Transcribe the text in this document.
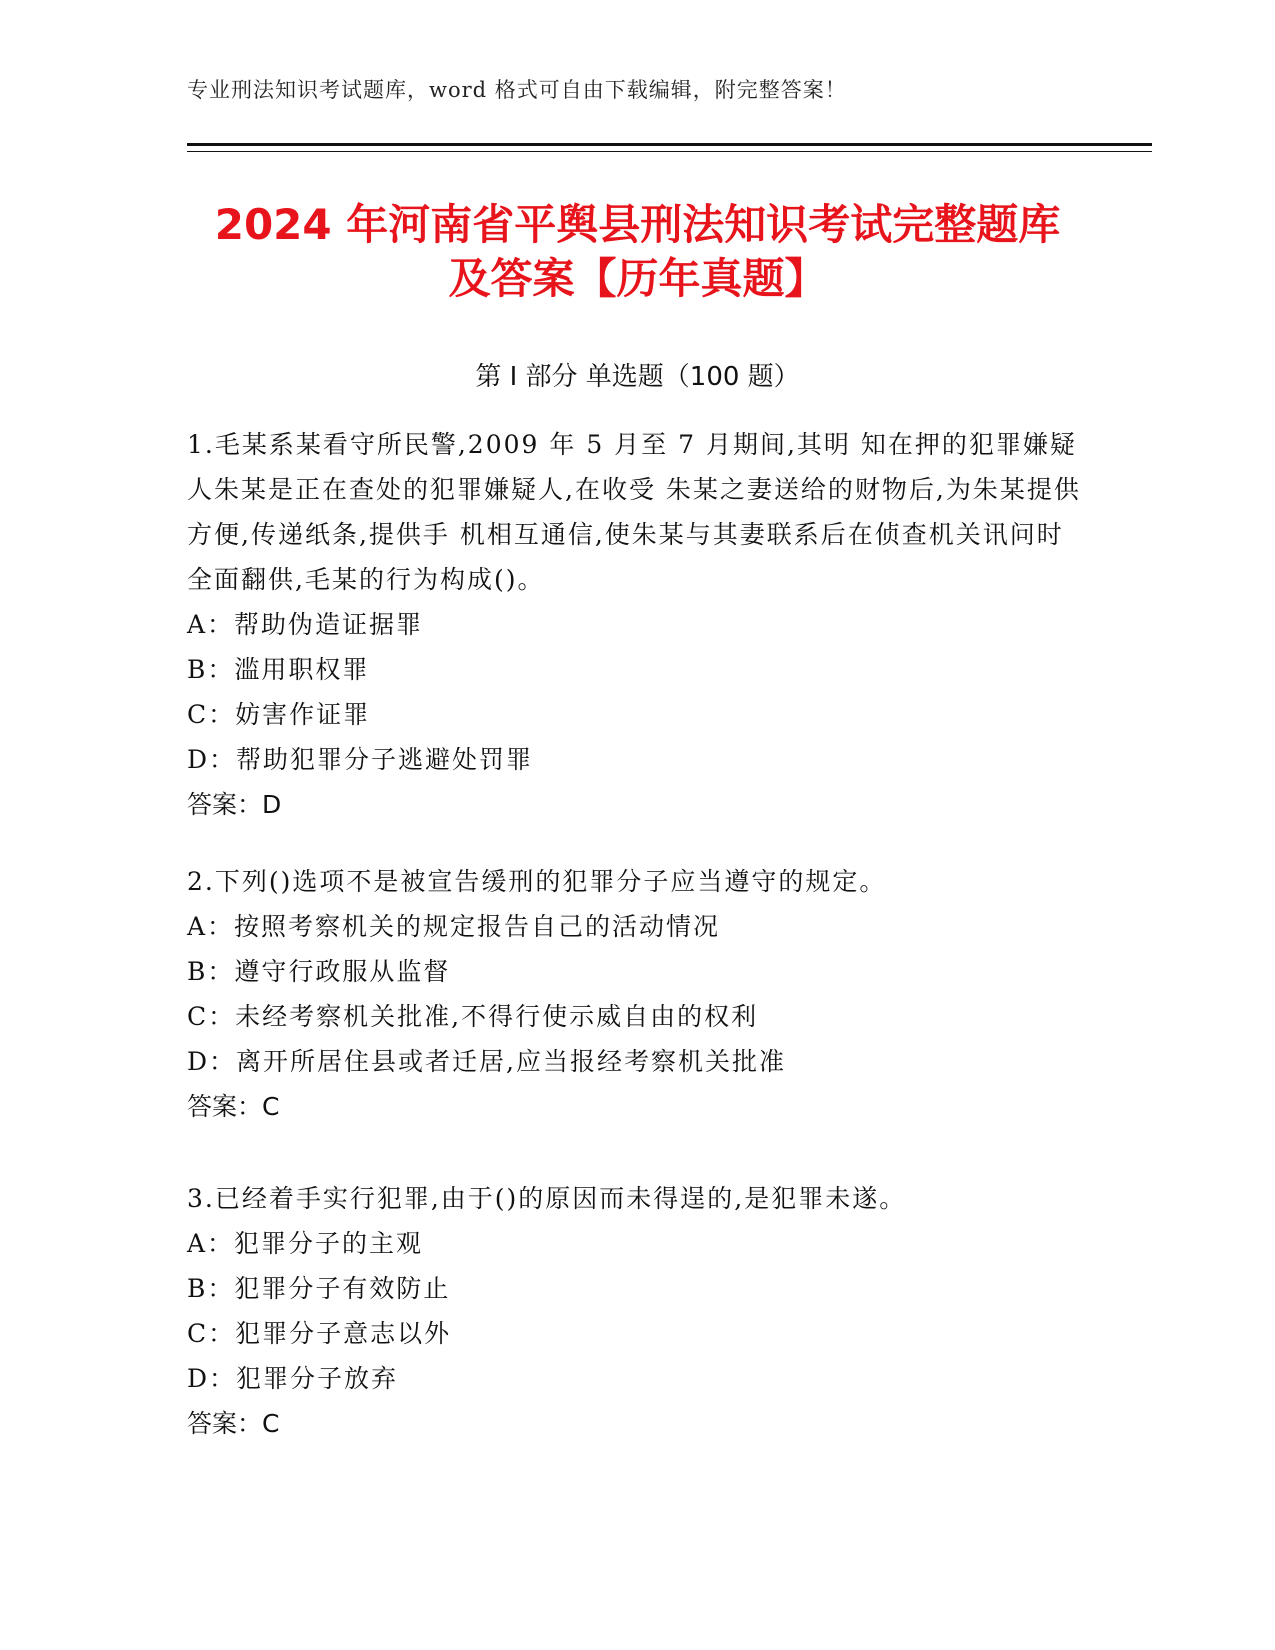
专业刑法知识考试题库，word 格式可自由下载编辑，附完整答案！
2024 年河南省平舆县刑法知识考试完整题库
及答案【历年真题】
第 I 部分 单选题（100 题）

1.毛某系某看守所民警,2009 年 5 月至 7 月期间,其明 知在押的犯罪嫌疑人朱某是正在查处的犯罪嫌疑人,在收受 朱某之妻送给的财物后,为朱某提供方便,传递纸条,提供手 机相互通信,使朱某与其妻联系后在侦查机关讯问时全面翻供,毛某的行为构成()。

A：帮助伪造证据罪

B：滥用职权罪

C：妨害作证罪

D：帮助犯罪分子逃避处罚罪

答案：D

2.下列()选项不是被宣告缓刑的犯罪分子应当遵守的规定。

A：按照考察机关的规定报告自己的活动情况

B：遵守行政服从监督

C：未经考察机关批准,不得行使示威自由的权利

D：离开所居住县或者迁居,应当报经考察机关批准

答案：C

3.已经着手实行犯罪,由于()的原因而未得逞的,是犯罪未遂。

A：犯罪分子的主观

B：犯罪分子有效防止

C：犯罪分子意志以外

D：犯罪分子放弃

答案：C
